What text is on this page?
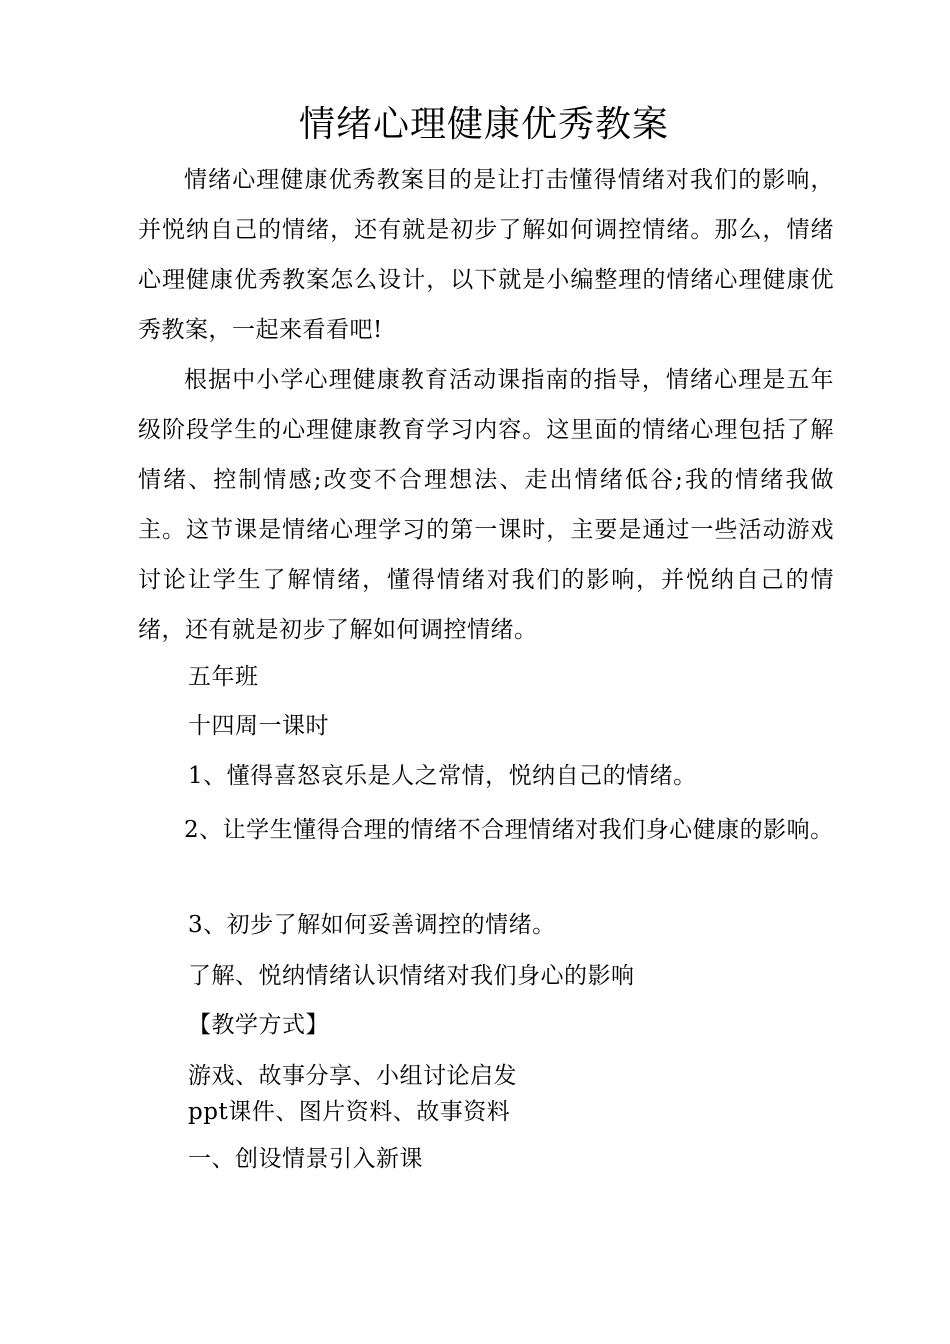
情绪心理健康优秀教案

情绪心理健康优秀教案目的是让打击懂得情绪对我们的影响，并悦纳自己的情绪，还有就是初步了解如何调控情绪。那么，情绪心理健康优秀教案怎么设计，以下就是小编整理的情绪心理健康优秀教案，一起来看看吧!

根据中小学心理健康教育活动课指南的指导，情绪心理是五年级阶段学生的心理健康教育学习内容。这里面的情绪心理包括了解情绪、控制情感;改变不合理想法、走出情绪低谷;我的情绪我做主。这节课是情绪心理学习的第一课时，主要是通过一些活动游戏讨论让学生了解情绪，懂得情绪对我们的影响，并悦纳自己的情绪，还有就是初步了解如何调控情绪。

五年班
十四周一课时
1、懂得喜怒哀乐是人之常情，悦纳自己的情绪。

2、让学生懂得合理的情绪不合理情绪对我们身心健康的影响。

3、初步了解如何妥善调控的情绪。
了解、悦纳情绪认识情绪对我们身心的影响
【教学方式】
游戏、故事分享、小组讨论启发
ppt课件、图片资料、故事资料
一、创设情景引入新课
